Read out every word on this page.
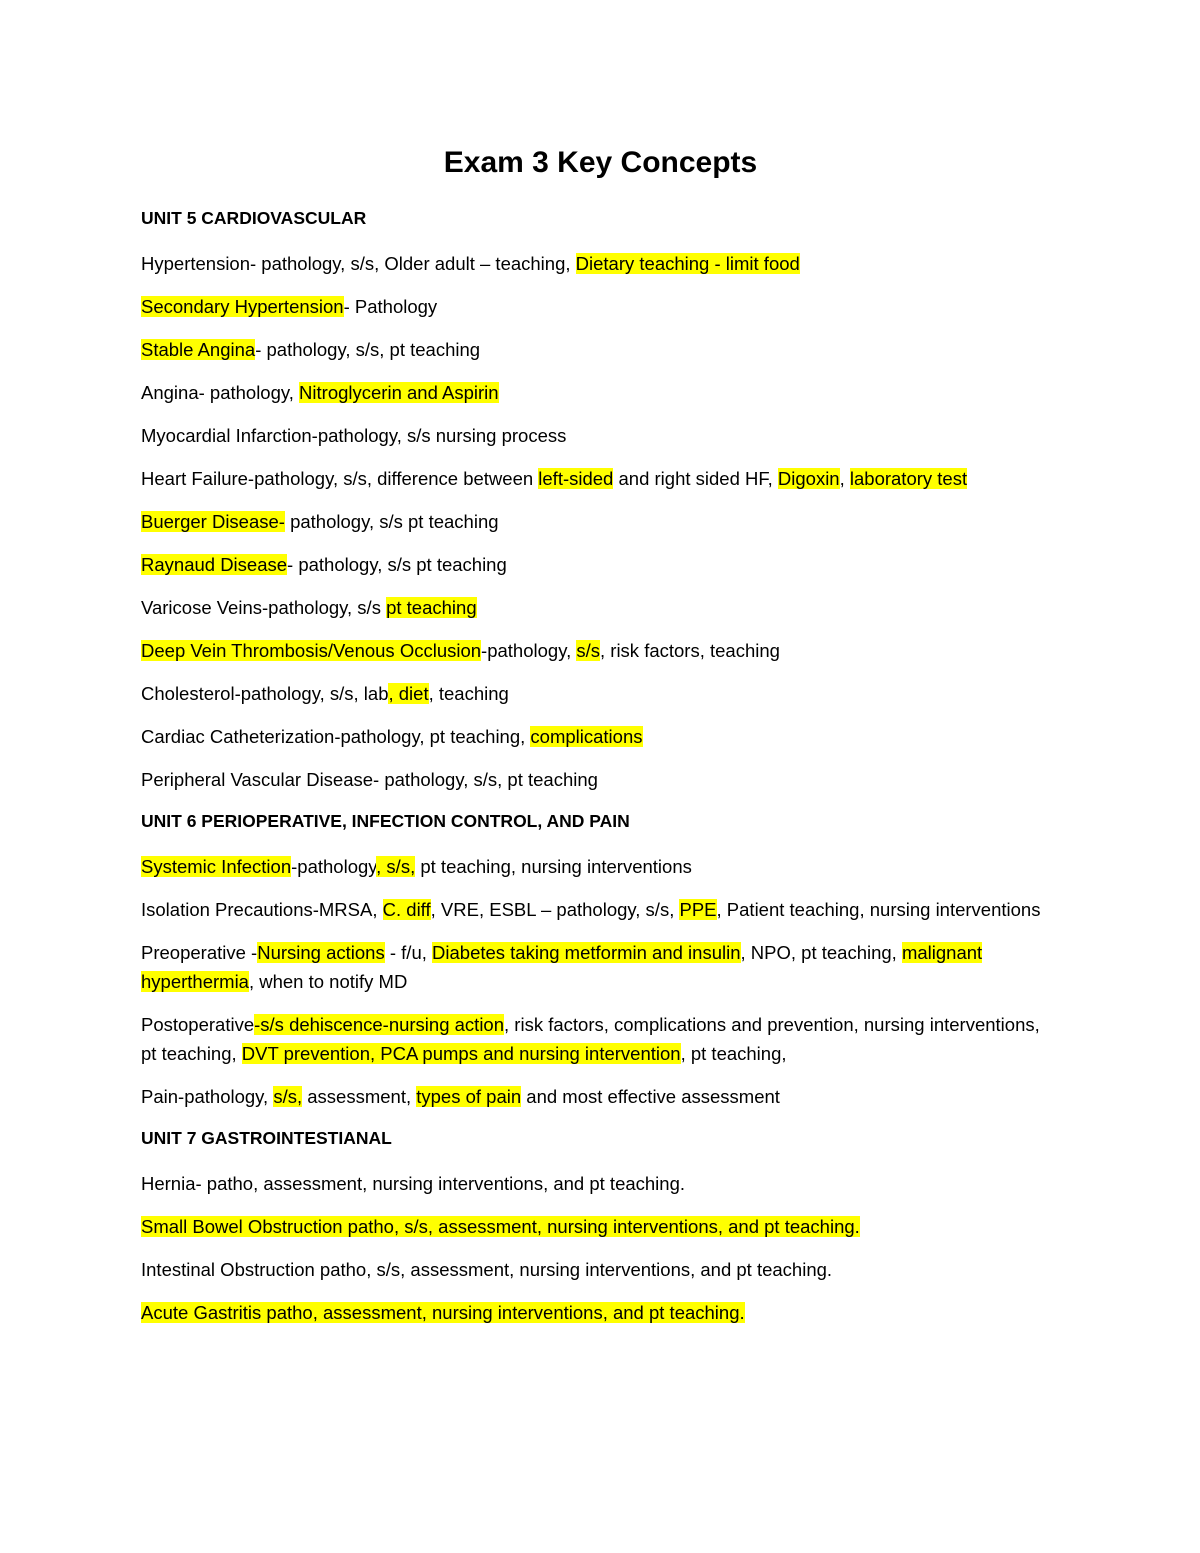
Exam 3 Key Concepts
UNIT 5 CARDIOVASCULAR

Hypertension- pathology, s/s, Older adult – teaching, Dietary teaching - limit food

Secondary Hypertension- Pathology

Stable Angina- pathology, s/s, pt teaching

Angina- pathology, Nitroglycerin and Aspirin

Myocardial Infarction-pathology, s/s nursing process

Heart Failure-pathology, s/s, difference between left-sided and right sided HF, Digoxin, laboratory test

Buerger Disease- pathology, s/s pt teaching

Raynaud Disease- pathology, s/s pt teaching

Varicose Veins-pathology, s/s pt teaching

Deep Vein Thrombosis/Venous Occlusion-pathology, s/s, risk factors, teaching

Cholesterol-pathology, s/s, lab, diet, teaching

Cardiac Catheterization-pathology, pt teaching, complications

Peripheral Vascular Disease- pathology, s/s, pt teaching

UNIT 6 PERIOPERATIVE, INFECTION CONTROL, AND PAIN

Systemic Infection-pathology, s/s, pt teaching, nursing interventions

Isolation Precautions-MRSA, C. diff, VRE, ESBL – pathology, s/s, PPE, Patient teaching, nursing interventions

Preoperative -Nursing actions - f/u, Diabetes taking metformin and insulin, NPO, pt teaching, malignant hyperthermia, when to notify MD

Postoperative-s/s dehiscence-nursing action, risk factors, complications and prevention, nursing interventions, pt teaching, DVT prevention, PCA pumps and nursing intervention, pt teaching,

Pain-pathology, s/s, assessment, types of pain and most effective assessment

UNIT 7 GASTROINTESTIANAL

Hernia- patho, assessment, nursing interventions, and pt teaching.

Small Bowel Obstruction patho, s/s, assessment, nursing interventions, and pt teaching.

Intestinal Obstruction patho, s/s, assessment, nursing interventions, and pt teaching.

Acute Gastritis patho, assessment, nursing interventions, and pt teaching.
